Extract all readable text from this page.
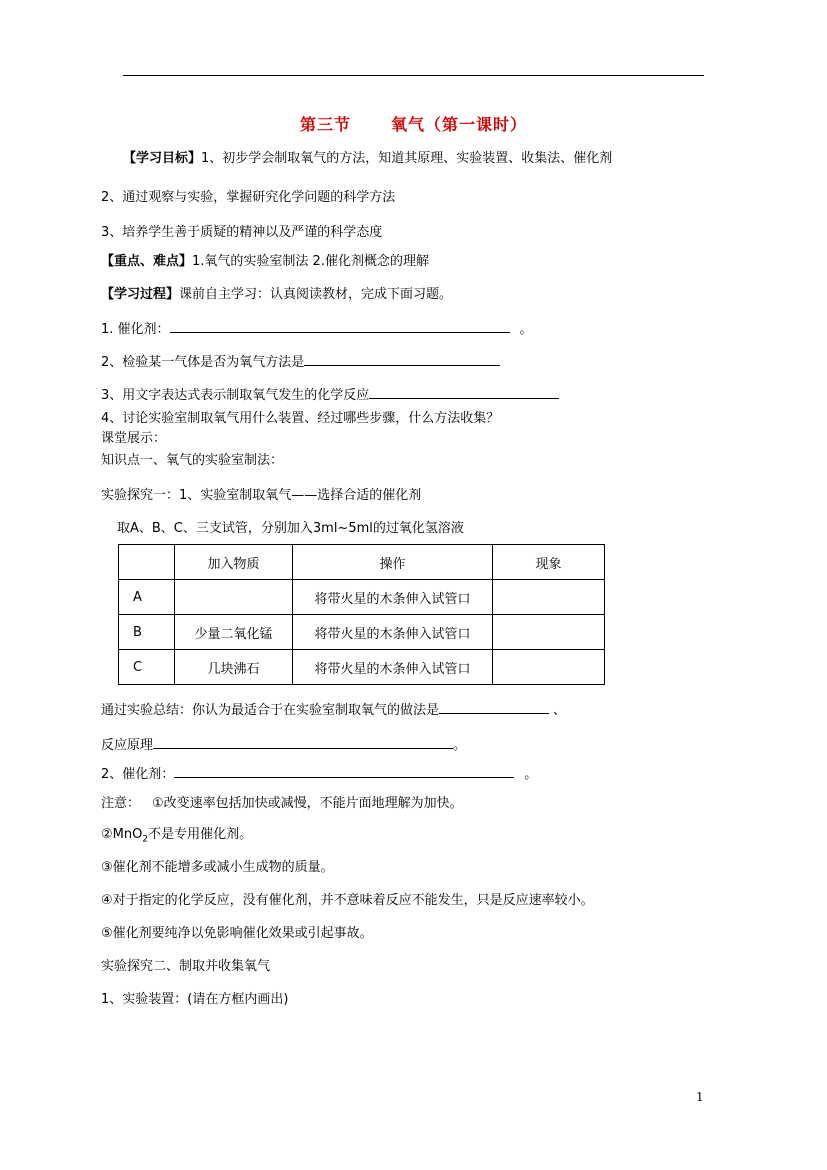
第三节	氧气（第一课时）
【学习目标】1、初步学会制取氧气的方法，知道其原理、实验装置、收集法、催化剂
2、通过观察与实验，掌握研究化学问题的科学方法
3、培养学生善于质疑的精神以及严谨的科学态度
【重点、难点】1.氧气的实验室制法 2.催化剂概念的理解
【学习过程】课前自主学习：认真阅读教材，完成下面习题。
1. 催化剂：	。
2、检验某一气体是否为氧气方法是
3、用文字表达式表示制取氧气发生的化学反应
4、讨论实验室制取氧气用什么装置、经过哪些步骤，什么方法收集？
课堂展示：
知识点一、氧气的实验室制法：
实验探究一：1、实验室制取氧气——选择合适的催化剂
取A、B、C、三支试管，分别加入3ml~5ml的过氧化氢溶液
	加入物质	操作	现象
A		将带火星的木条伸入试管口	
B	少量二氧化锰	将带火星的木条伸入试管口	
C	几块沸石	将带火星的木条伸入试管口	
通过实验总结：你认为最适合于在实验室制取氧气的做法是	、
反应原理	。
2、催化剂：	。
注意： ①改变速率包括加快或减慢，不能片面地理解为加快。
②MnO$_2$不是专用催化剂。
③催化剂不能增多或减小生成物的质量。
④对于指定的化学反应，没有催化剂，并不意味着反应不能发生，只是反应速率较小。
⑤催化剂要纯净以免影响催化效果或引起事故。
实验探究二、制取并收集氧气
1、实验装置：(请在方框内画出)
1
